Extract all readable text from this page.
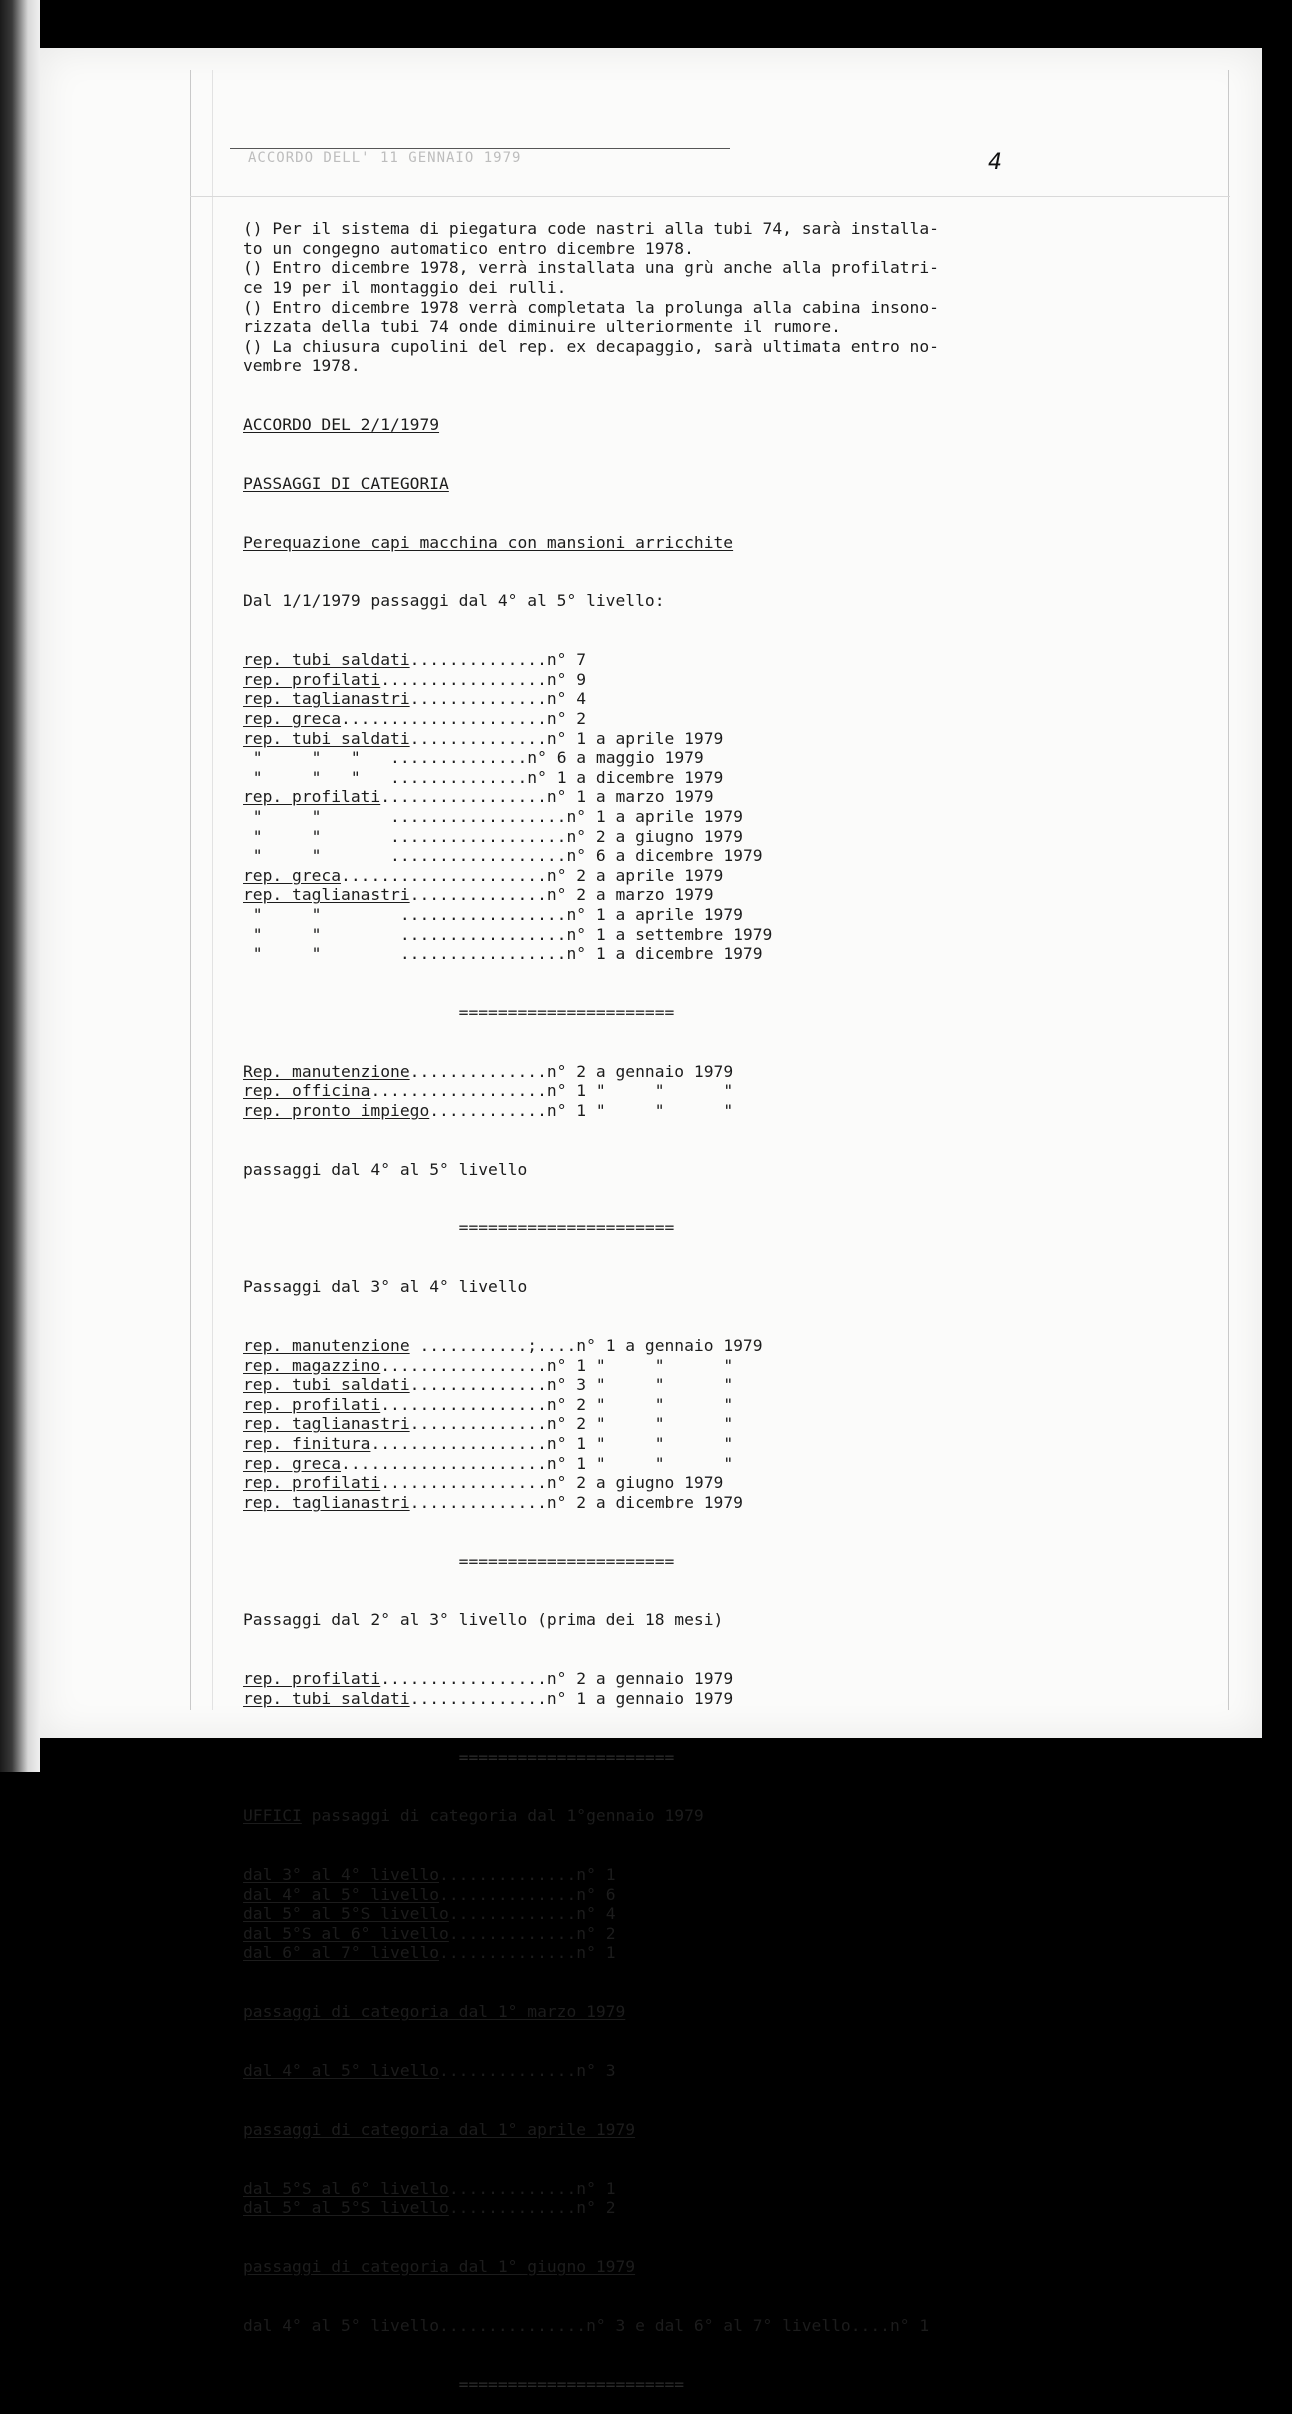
ACCORDO DELL' 11 GENNAIO 1979	4

() Per il sistema di piegatura code nastri alla tubi 74, sarà installa-
to un congegno automatico entro dicembre 1978.
() Entro dicembre 1978, verrà installata una grù anche alla profilatri-
ce 19 per il montaggio dei rulli.
() Entro dicembre 1978 verrà completata la prolunga alla cabina insono-
rizzata della tubi 74 onde diminuire ulteriormente il rumore.
() La chiusura cupolini del rep. ex decapaggio, sarà ultimata entro no-
vembre 1978.

ACCORDO DEL 2/1/1979

PASSAGGI DI CATEGORIA

Perequazione capi macchina con mansioni arricchite

Dal 1/1/1979 passaggi dal 4° al 5° livello:

rep. tubi saldati..............n° 7
rep. profilati.................n° 9
rep. taglianastri..............n° 4
rep. greca.....................n° 2
rep. tubi saldati..............n° 1 a aprile 1979
"     "   "   ..............n° 6 a maggio 1979
"     "   "   ..............n° 1 a dicembre 1979
rep. profilati.................n° 1 a marzo 1979
"     "       ..................n° 1 a aprile 1979
"     "       ..................n° 2 a giugno 1979
"     "       ..................n° 6 a dicembre 1979
rep. greca.....................n° 2 a aprile 1979
rep. taglianastri..............n° 2 a marzo 1979
"     "        .................n° 1 a aprile 1979
"     "        .................n° 1 a settembre 1979
"     "        .................n° 1 a dicembre 1979

======================

Rep. manutenzione..............n° 2 a gennaio 1979
rep. officina..................n° 1 "     "      "
rep. pronto impiego............n° 1 "     "      "

passaggi dal 4° al 5° livello

======================

Passaggi dal 3° al 4° livello

rep. manutenzione ...........;....n° 1 a gennaio 1979
rep. magazzino.................n° 1 "     "      "
rep. tubi saldati..............n° 3 "     "      "
rep. profilati.................n° 2 "     "      "
rep. taglianastri..............n° 2 "     "      "
rep. finitura..................n° 1 "     "      "
rep. greca.....................n° 1 "     "      "
rep. profilati.................n° 2 a giugno 1979
rep. taglianastri..............n° 2 a dicembre 1979

======================

Passaggi dal 2° al 3° livello (prima dei 18 mesi)

rep. profilati.................n° 2 a gennaio 1979
rep. tubi saldati..............n° 1 a gennaio 1979

======================

UFFICI passaggi di categoria dal 1°gennaio 1979

dal 3° al 4° livello..............n° 1
dal 4° al 5° livello..............n° 6
dal 5° al 5°S livello.............n° 4
dal 5°S al 6° livello.............n° 2
dal 6° al 7° livello..............n° 1

passaggi di categoria dal 1° marzo 1979

dal 4° al 5° livello..............n° 3

passaggi di categoria dal 1° aprile 1979

dal 5°S al 6° livello.............n° 1
dal 5° al 5°S livello.............n° 2

passaggi di categoria dal 1° giugno 1979

dal 4° al 5° livello...............n° 3 e dal 6° al 7° livello....n° 1

=======================
